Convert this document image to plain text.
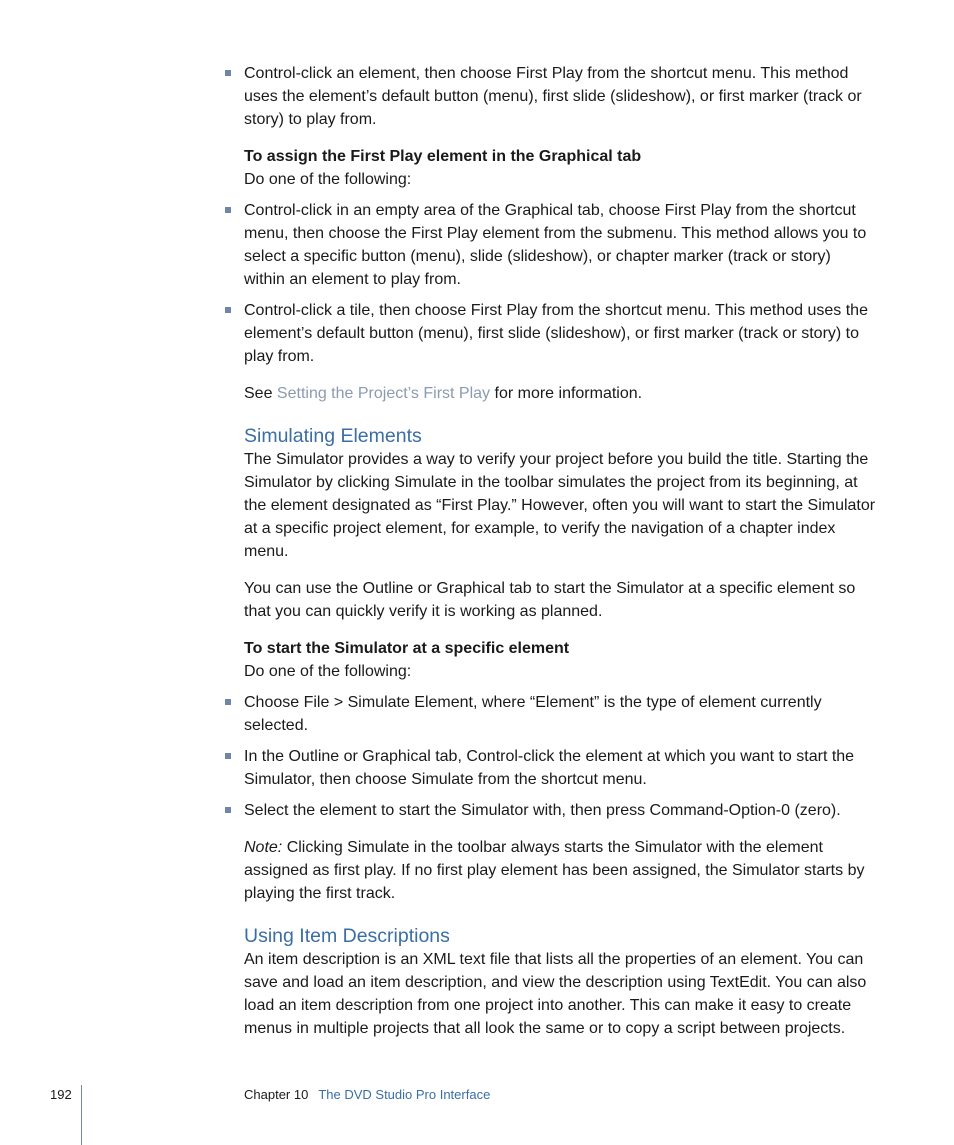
Control-click an element, then choose First Play from the shortcut menu. This method uses the element’s default button (menu), first slide (slideshow), or first marker (track or story) to play from.
To assign the First Play element in the Graphical tab
Do one of the following:
Control-click in an empty area of the Graphical tab, choose First Play from the shortcut menu, then choose the First Play element from the submenu. This method allows you to select a specific button (menu), slide (slideshow), or chapter marker (track or story) within an element to play from.
Control-click a tile, then choose First Play from the shortcut menu. This method uses the element’s default button (menu), first slide (slideshow), or first marker (track or story) to play from.
See Setting the Project’s First Play for more information.
Simulating Elements
The Simulator provides a way to verify your project before you build the title. Starting the Simulator by clicking Simulate in the toolbar simulates the project from its beginning, at the element designated as “First Play.” However, often you will want to start the Simulator at a specific project element, for example, to verify the navigation of a chapter index menu.
You can use the Outline or Graphical tab to start the Simulator at a specific element so that you can quickly verify it is working as planned.
To start the Simulator at a specific element
Do one of the following:
Choose File > Simulate Element, where “Element” is the type of element currently selected.
In the Outline or Graphical tab, Control-click the element at which you want to start the Simulator, then choose Simulate from the shortcut menu.
Select the element to start the Simulator with, then press Command-Option-0 (zero).
Note: Clicking Simulate in the toolbar always starts the Simulator with the element assigned as first play. If no first play element has been assigned, the Simulator starts by playing the first track.
Using Item Descriptions
An item description is an XML text file that lists all the properties of an element. You can save and load an item description, and view the description using TextEdit. You can also load an item description from one project into another. This can make it easy to create menus in multiple projects that all look the same or to copy a script between projects.
192	Chapter 10 The DVD Studio Pro Interface
